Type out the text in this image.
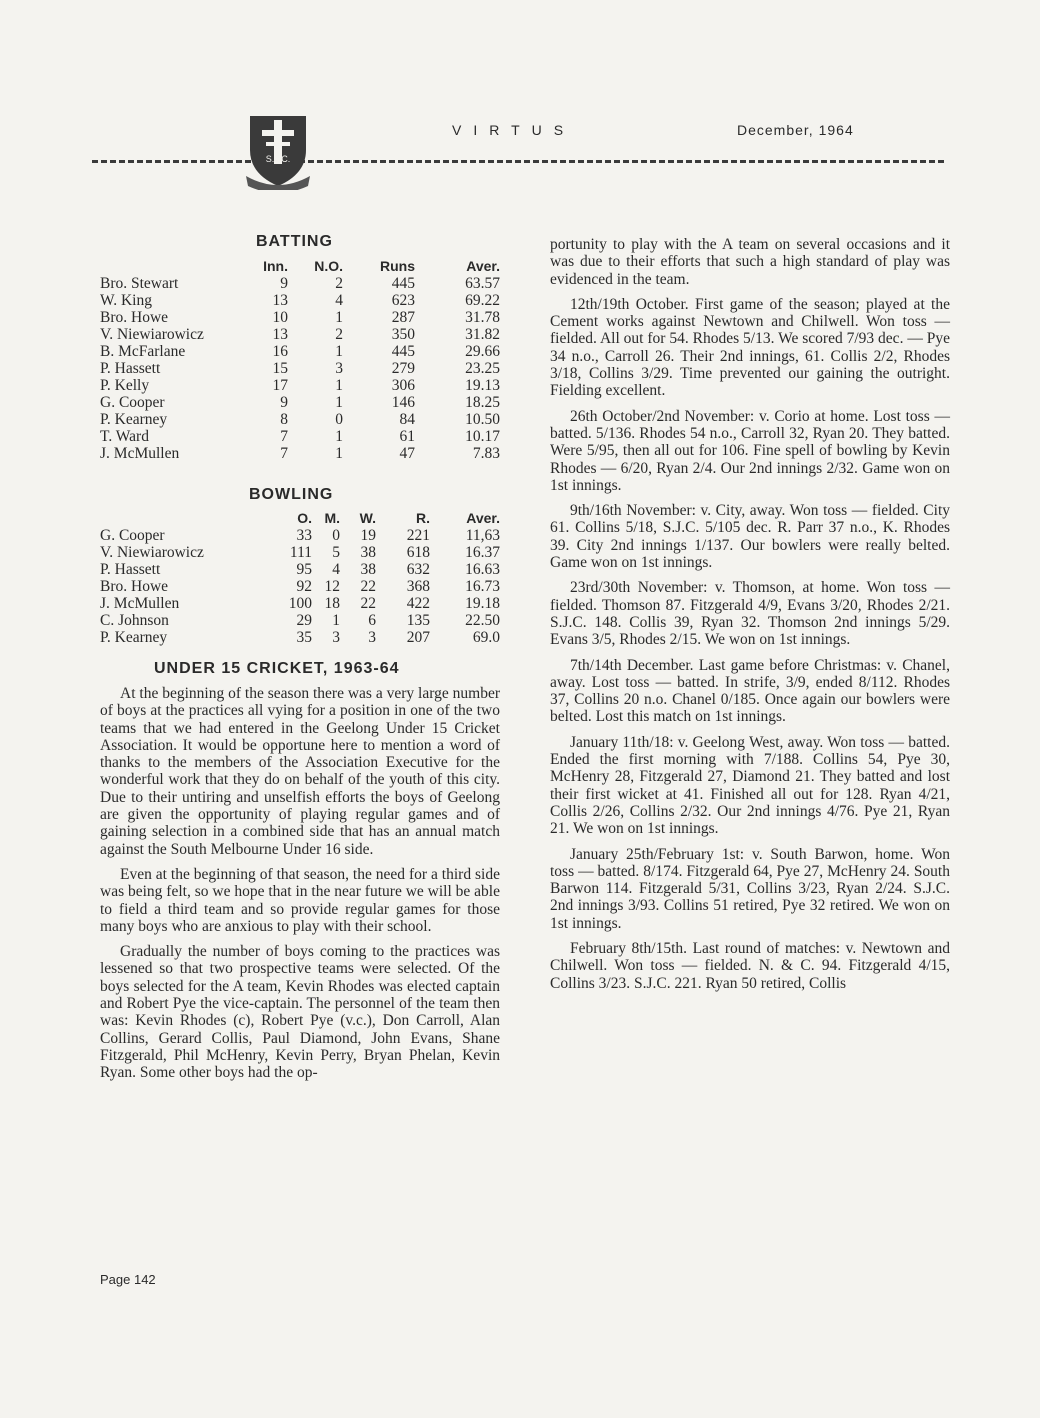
S.J.C.
VIRTUS	December, 1964
BATTING
Inn. N.O.	Runs	Aver.
Bro. Stewart	9	2	445	63.57
W. King	13	4	623	69.22
Bro. Howe	10	1	287	31.78
V. Niewiarowicz	13	2	350	31.82
B. McFarlane	16	1	445	29.66
P. Hassett	15	3	279	23.25
P. Kelly	17	1	306	19.13
G. Cooper	9	1	146	18.25
P. Kearney	8	0	84	10.50
T. Ward	7	1	61	10.17
J. McMullen	7	1	47	7.83
BOWLING
O. M. W.	R.	Aver.
G. Cooper	33 0 19 221 11,63
V. Niewiarowicz	111 5 38 618 16.37
P. Hassett	95 4 38 632 16.63
Bro. Howe	92 12 22 368 16.73
J. McMullen	100 18 22 422 19.18
C. Johnson	29 1 6 135 22.50
P. Kearney	35 3 3 207	69.0
UNDER 15 CRICKET, 1963-64

At the beginning of the season there was a very large number of boys at the practices all vying for a position in one of the two teams that we had entered in the Geelong Under 15 Cricket Association. It would be opportune here to mention a word of thanks to the members of the Association Executive for the wonderful work that they do on behalf of the youth of this city. Due to their untiring and unselfish efforts the boys of Geelong are given the opportunity of playing regular games and of gaining selection in a combined side that has an annual match against the South Melbourne Under 16 side.

Even at the beginning of that season, the need for a third side was being felt, so we hope that in the near future we will be able to field a third team and so provide regular games for those many boys who are anxious to play with their school.

Gradually the number of boys coming to the practices was lessened so that two prospective teams were selected. Of the boys selected for the A team, Kevin Rhodes was elected captain and Robert Pye the vice-captain. The personnel of the team then was: Kevin Rhodes (c), Robert Pye (v.c.), Don Carroll, Alan Collins, Gerard Collis, Paul Diamond, John Evans, Shane Fitzgerald, Phil McHenry, Kevin Perry, Bryan Phelan, Kevin Ryan. Some other boys had the op-

portunity to play with the A team on several occasions and it was due to their efforts that such a high standard of play was evidenced in the team.

12th/19th October. First game of the season; played at the Cement works against Newtown and Chilwell. Won toss — fielded. All out for 54. Rhodes 5/13. We scored 7/93 dec. — Pye 34 n.o., Carroll 26. Their 2nd innings, 61. Collis 2/2, Rhodes 3/18, Collins 3/29. Time prevented our gaining the outright. Fielding excellent.

26th October/2nd November: v. Corio at home. Lost toss — batted. 5/136. Rhodes 54 n.o., Carroll 32, Ryan 20. They batted. Were 5/95, then all out for 106. Fine spell of bowling by Kevin Rhodes — 6/20, Ryan 2/4. Our 2nd innings 2/32. Game won on 1st innings.

9th/16th November: v. City, away. Won toss — fielded. City 61. Collins 5/18, S.J.C. 5/105 dec. R. Parr 37 n.o., K. Rhodes 39. City 2nd innings 1/137. Our bowlers were really belted. Game won on 1st innings.

23rd/30th November: v. Thomson, at home. Won toss — fielded. Thomson 87. Fitzgerald 4/9, Evans 3/20, Rhodes 2/21. S.J.C. 148. Collis 39, Ryan 32. Thomson 2nd innings 5/29. Evans 3/5, Rhodes 2/15. We won on 1st innings.

7th/14th December. Last game before Christmas: v. Chanel, away. Lost toss — batted. In strife, 3/9, ended 8/112. Rhodes 37, Collins 20 n.o. Chanel 0/185. Once again our bowlers were belted. Lost this match on 1st innings.

January 11th/18: v. Geelong West, away. Won toss — batted. Ended the first morning with 7/188. Collins 54, Pye 30, McHenry 28, Fitzgerald 27, Diamond 21. They batted and lost their first wicket at 41. Finished all out for 128. Ryan 4/21, Collis 2/26, Collins 2/32. Our 2nd innings 4/76. Pye 21, Ryan 21. We won on 1st innings.

January 25th/February 1st: v. South Barwon, home. Won toss — batted. 8/174. Fitzgerald 64, Pye 27, McHenry 24. South Barwon 114. Fitzgerald 5/31, Collins 3/23, Ryan 2/24. S.J.C. 2nd innings 3/93. Collins 51 retired, Pye 32 retired. We won on 1st innings.

February 8th/15th. Last round of matches: v. Newtown and Chilwell. Won toss — fielded. N. & C. 94. Fitzgerald 4/15, Collins 3/23. S.J.C. 221. Ryan 50 retired, Collis

Page 142
